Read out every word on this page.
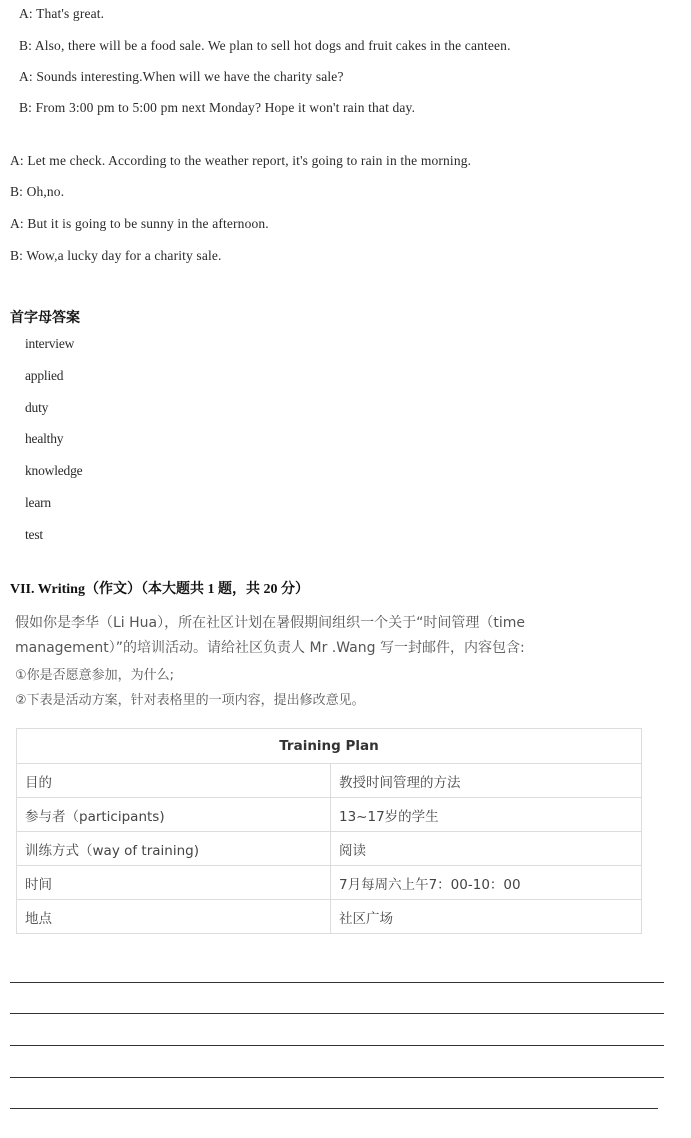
A: That's great.
B: Also, there will be a food sale. We plan to sell hot dogs and fruit cakes in the canteen.
A: Sounds interesting.When will we have the charity sale?
B: From 3:00 pm to 5:00 pm next Monday? Hope it won't rain that day.
A: Let me check. According to the weather report, it's going to rain in the morning.
B: Oh,no.
A: But it is going to be sunny in the afternoon.
B: Wow,a lucky day for a charity sale.
首字母答案
interview
applied
duty
healthy
knowledge
learn
test
VII. Writing（作文）（本大题共 1 题，共 20 分）
假如你是李华（Li Hua），所在社区计划在暑假期间组织一个关于“时间管理（time
management）”的培训活动。请给社区负责人 Mr .Wang 写一封邮件，内容包含:
①你是否愿意参加，为什么;
②下表是活动方案，针对表格里的一项内容，提出修改意见。
Training Plan	
目的	教授时间管理的方法
参与者（participants)	13~17岁的学生
训练方式（way of training)	阅读
时间	7月每周六上午7：00-10：00
地点	社区广场
